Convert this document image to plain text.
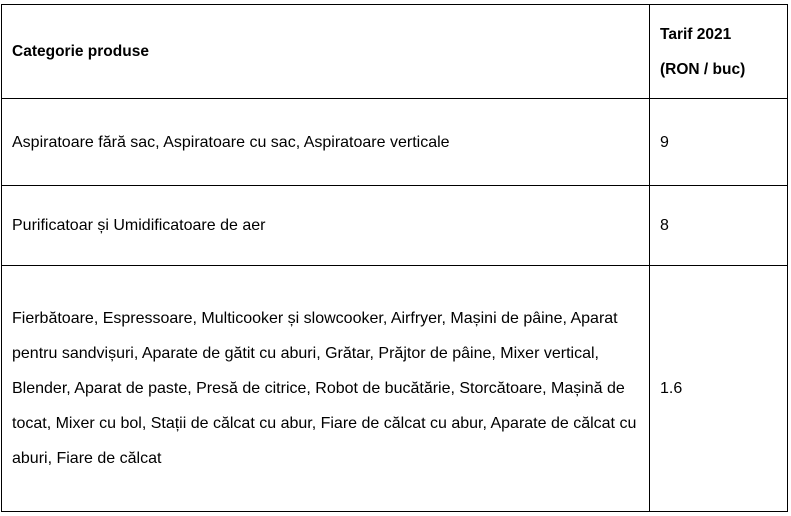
Categorie produse	Tarif 2021
(RON / buc)

Aspiratoare fără sac, Aspiratoare cu sac, Aspiratoare verticale	9
Purificatoar și Umidificatoare de aer	8
Fierbătoare, Espressoare, Multicooker și slowcooker, Airfryer, Mașini de pâine, Aparat pentru sandvișuri, Aparate de gătit cu aburi, Grătar, Prăjtor de pâine, Mixer vertical, Blender, Aparat de paste, Presă de citrice, Robot de bucătărie, Storcătoare, Mașină de tocat, Mixer cu bol, Stații de călcat cu abur, Fiare de călcat cu abur, Aparate de călcat cu aburi, Fiare de călcat	1.6
